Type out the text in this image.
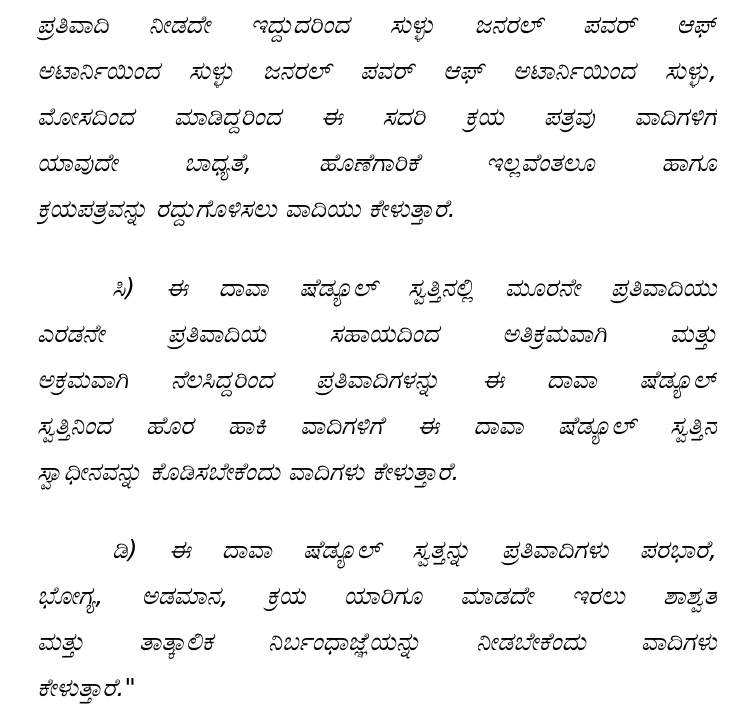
ಪ್ರತಿವಾದಿ ನೀಡದೇ ಇದ್ದುದರಿಂದ ಸುಳ್ಳು ಜನರಲ್ ಪವರ್ ಆಫ್
ಅಟಾರ್ನಿಯಿಂದ ಸುಳ್ಳು ಜನರಲ್ ಪವರ್ ಆಫ್ ಅಟಾರ್ನಿಯಿಂದ ಸುಳ್ಳು,
ಮೋಸದಿಂದ ಮಾಡಿದ್ದರಿಂದ ಈ ಸದರಿ ಕ್ರಯ ಪತ್ರವು ವಾದಿಗಳಿಗೆ
ಯಾವುದೇ ಬಾಧ್ಯತೆ, ಹೊಣೆಗಾರಿಕೆ ಇಲ್ಲವೆಂತಲೂ ಹಾಗೂ
ಕ್ರಯಪತ್ರವನ್ನು ರದ್ದುಗೊಳಿಸಲು ವಾದಿಯು ಕೇಳುತ್ತಾರೆ.
ಸಿ) ಈ ದಾವಾ ಷೆಡ್ಯೂಲ್ ಸ್ವತ್ತಿನಲ್ಲಿ ಮೂರನೇ ಪ್ರತಿವಾದಿಯು
ಎರಡನೇ ಪ್ರತಿವಾದಿಯ ಸಹಾಯದಿಂದ ಅತಿಕ್ರಮವಾಗಿ ಮತ್ತು
ಅಕ್ರಮವಾಗಿ ನೆಲಸಿದ್ದರಿಂದ ಪ್ರತಿವಾದಿಗಳನ್ನು ಈ ದಾವಾ ಷೆಡ್ಯೂಲ್
ಸ್ವತ್ತಿನಿಂದ ಹೊರ ಹಾಕಿ ವಾದಿಗಳಿಗೆ ಈ ದಾವಾ ಷೆಡ್ಯೂಲ್ ಸ್ವತ್ತಿನ
ಸ್ವಾಧೀನವನ್ನು ಕೊಡಿಸಬೇಕೆಂದು ವಾದಿಗಳು ಕೇಳುತ್ತಾರೆ.
ಡಿ) ಈ ದಾವಾ ಷೆಡ್ಯೂಲ್ ಸ್ವತ್ತನ್ನು ಪ್ರತಿವಾದಿಗಳು ಪರಭಾರೆ,
ಭೋಗ್ಯ, ಅಡಮಾನ, ಕ್ರಯ ಯಾರಿಗೂ ಮಾಡದೇ ಇರಲು ಶಾಶ್ವತ
ಮತ್ತು ತಾತ್ಕಾಲಿಕ ನಿರ್ಬಂಧಾಜ್ಞೆಯನ್ನು ನೀಡಬೇಕೆಂದು ವಾದಿಗಳು
ಕೇಳುತ್ತಾರೆ."
